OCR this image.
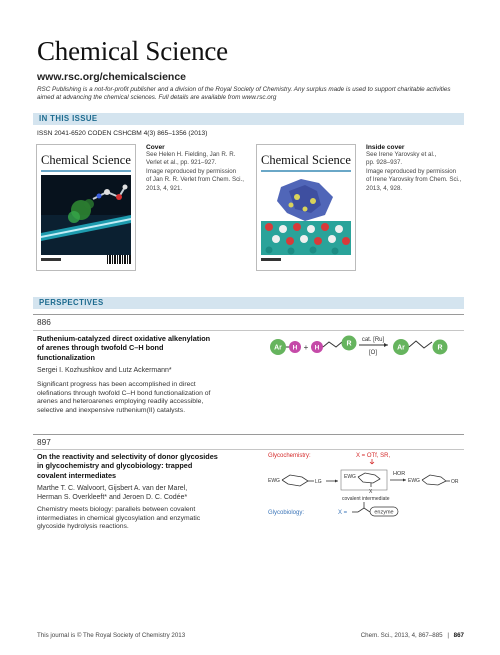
Chemical Science
www.rsc.org/chemicalscience
RSC Publishing is a not-for-profit publisher and a division of the Royal Society of Chemistry. Any surplus made is used to support charitable activities aimed at advancing the chemical sciences. Full details are available from www.rsc.org
IN THIS ISSUE
ISSN 2041-6520 CODEN CSHCBM 4(3) 865–1356 (2013)
Chemical Science
Cover
See Helen H. Fielding, Jan R. R.
Verlet et al., pp. 921–927.
Image reproduced by permission
of Jan R. R. Verlet from Chem. Sci.,
2013, 4, 921.
Chemical Science
Inside cover
See Irene Yarovsky et al.,
pp. 928–937.
Image reproduced by permission
of Irene Yarovsky from Chem. Sci.,
2013, 4, 928.
PERSPECTIVES
886
Ruthenium-catalyzed direct oxidative alkenylation
of arenes through twofold C–H bond
functionalization
Sergei I. Kozhushkov and Lutz Ackermann*
Significant progress has been accomplished in direct
olefinations through twofold C–H bond functionalization of
arenes and heteroarenes employing readily accessible,
selective and inexpensive ruthenium(II) catalysts.
Ar H + H
R
cat. [Ru]
[O]
Ar	R
897
On the reactivity and selectivity of donor glycosides
in glycochemistry and glycobiology: trapped
covalent intermediates
Marthe T. C. Walvoort, Gijsbert A. van der Marel,
Herman S. Overkleeft* and Jeroen D. C. Codée*
Chemistry meets biology: parallels between covalent
intermediates in chemical glycosylation and enzymatic
glycoside hydrolysis reactions.
Glycochemistry:	X = OTf, SR,
EWG	LG
EWG
X
covalent intermediate
HOR
EWG	OR
Glycobiology:	X =	enzyme
This journal is © The Royal Society of Chemistry 2013	Chem. Sci., 2013, 4, 867–885 | 867
